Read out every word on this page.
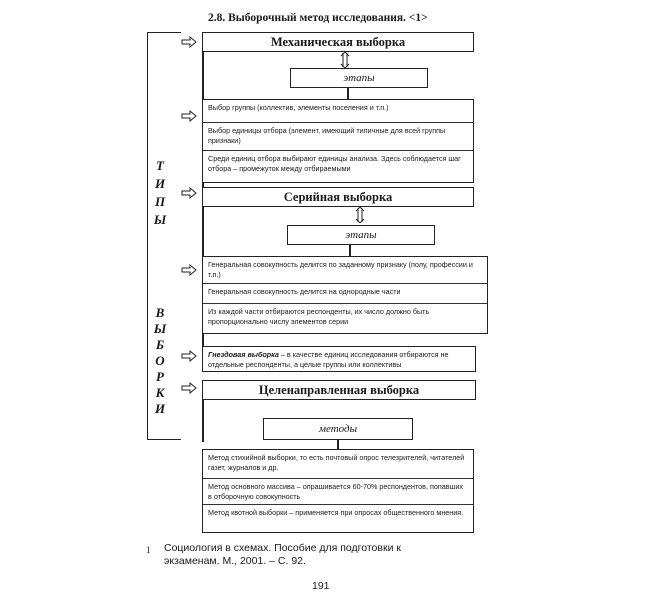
2.8. Выборочный метод исследования. <1>
Т
И
П
Ы
В
Ы
Б
О
Р
К
И
Механическая выборка
этапы
Выбор группы (коллектив, элементы поселения и т.п.)
Выбор единицы отбора (элемент, имеющий типичные для всей группы признаки)
Среди единиц отбора выбирают единицы анализа. Здесь соблюдается шаг отбора – промежуток между отбираемыми
Серийная выборка
этапы
Генеральная совокупность делится по заданному признаку (полу, профессии и т.п.)
Генеральная совокупность делится на однородные части
Из каждой части отбираются респонденты, их число должно быть пропорционально числу элементов серии
Гнездовая выборка – в качестве единиц исследования отбираются не отдельные респонденты, а целые группы или коллективы
Целенаправленная выборка
методы
Метод стихийной выборки, то есть почтовый опрос телезрителей, читателей газет, журналов и др.
Метод основного массива – опрашивается 60-70% респондентов, попавших в отборочную совокупность
Метод квотной выборки – применяется при опросах общественного мнения.
1 Социология в схемах. Пособие для подготовки к экзаменам. М., 2001. – С. 92.
191
